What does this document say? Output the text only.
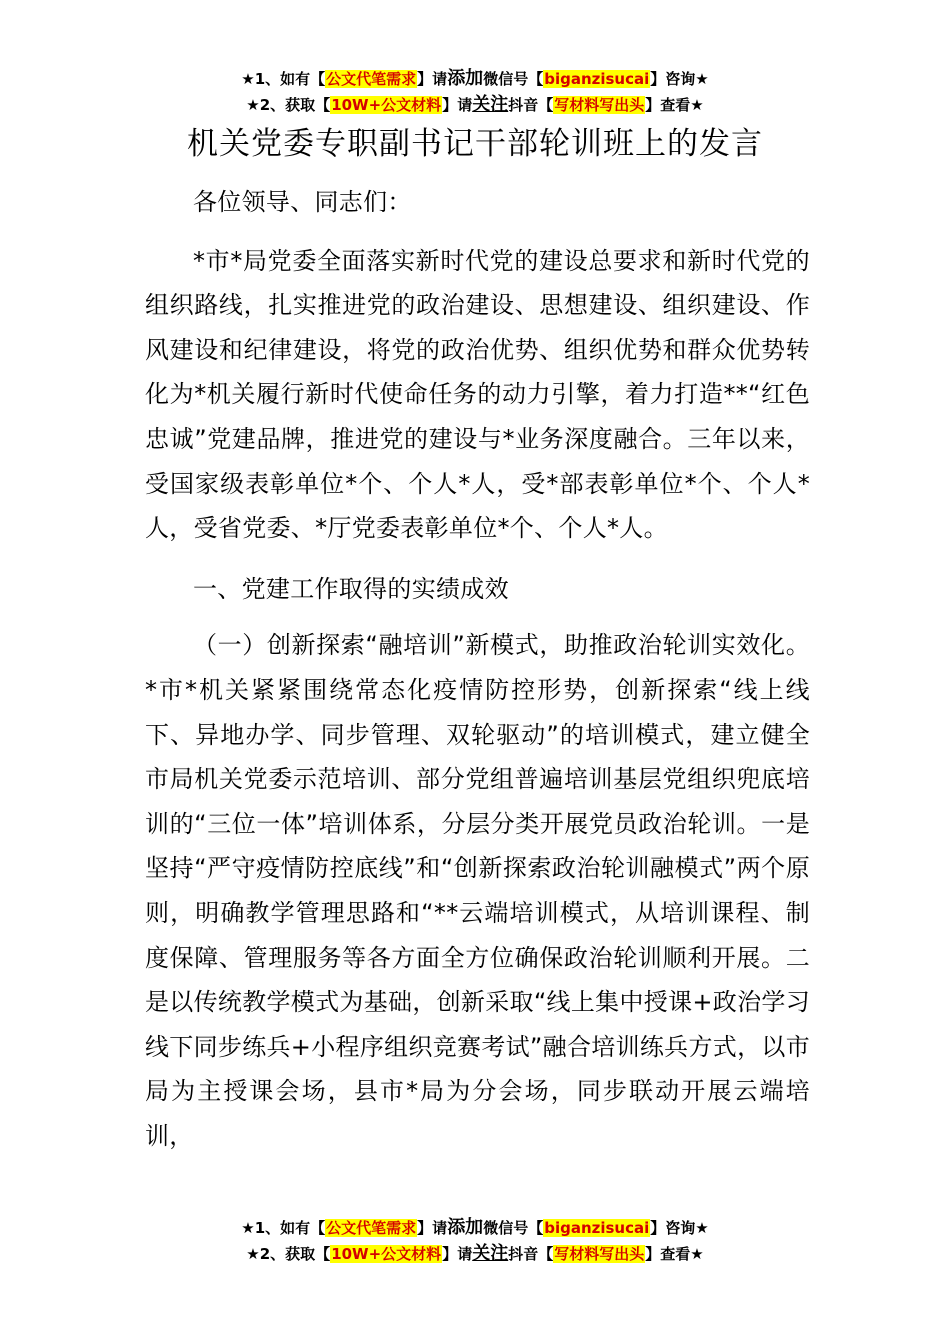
★1、如有【公文代笔需求】请添加微信号【biganzisucai】咨询★
★2、获取【10W+公文材料】请关注抖音【写材料写出头】查看★
机关党委专职副书记干部轮训班上的发言

各位领导、同志们：

*市*局党委全面落实新时代党的建设总要求和新时代党的组织路线，扎实推进党的政治建设、思想建设、组织建设、作风建设和纪律建设，将党的政治优势、组织优势和群众优势转化为*机关履行新时代使命任务的动力引擎，着力打造**“红色忠诚”党建品牌，推进党的建设与*业务深度融合。三年以来，受国家级表彰单位*个、个人*人，受*部表彰单位*个、个人*人，受省党委、*厅党委表彰单位*个、个人*人。

一、党建工作取得的实绩成效

（一）创新探索“融培训”新模式，助推政治轮训实效化。*市*机关紧紧围绕常态化疫情防控形势，创新探索“线上线下、异地办学、同步管理、双轮驱动”的培训模式，建立健全市局机关党委示范培训、部分党组普遍培训基层党组织兜底培训的“三位一体”培训体系，分层分类开展党员政治轮训。一是坚持“严守疫情防控底线”和“创新探索政治轮训融模式”两个原则，明确教学管理思路和“**云端培训模式，从培训课程、制度保障、管理服务等各方面全方位确保政治轮训顺利开展。二是以传统教学模式为基础，创新采取“线上集中授课+政治学习线下同步练兵+小程序组织竞赛考试”融合培训练兵方式，以市局为主授课会场，县市*局为分会场，同步联动开展云端培训，

★1、如有【公文代笔需求】请添加微信号【biganzisucai】咨询★
★2、获取【10W+公文材料】请关注抖音【写材料写出头】查看★
